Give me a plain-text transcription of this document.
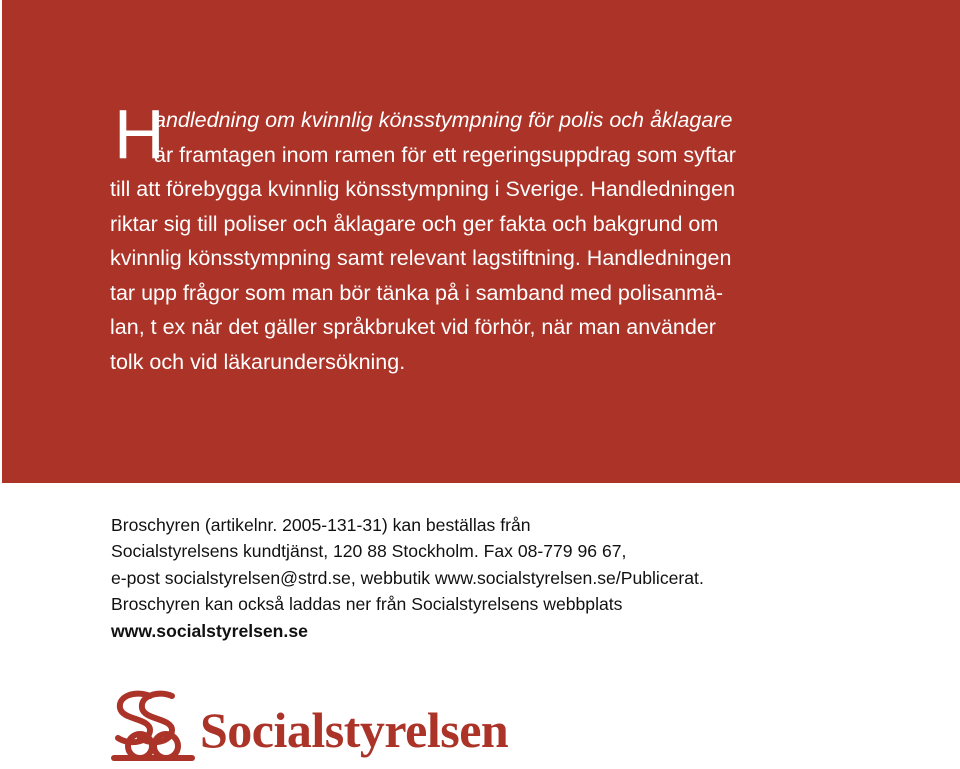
H

andledning om kvinnlig könsstympning för polis och åklagare
är framtagen inom ramen för ett regeringsuppdrag som syftar
till att förebygga kvinnlig könsstympning i Sverige. Handledningen
riktar sig till poliser och åklagare och ger fakta och bakgrund om
kvinnlig könsstympning samt relevant lagstiftning. Handledningen
tar upp frågor som man bör tänka på i samband med polisanmä-
lan, t ex när det gäller språkbruket vid förhör, när man använder
tolk och vid läkarundersökning.

Broschyren (artikelnr. 2005-131-31) kan beställas från
Socialstyrelsens kundtjänst, 120 88 Stockholm. Fax 08-779 96 67,
e-post socialstyrelsen@strd.se, webbutik www.socialstyrelsen.se/Publicerat.
Broschyren kan också laddas ner från Socialstyrelsens webbplats
www.socialstyrelsen.se

Socialstyrelsen
